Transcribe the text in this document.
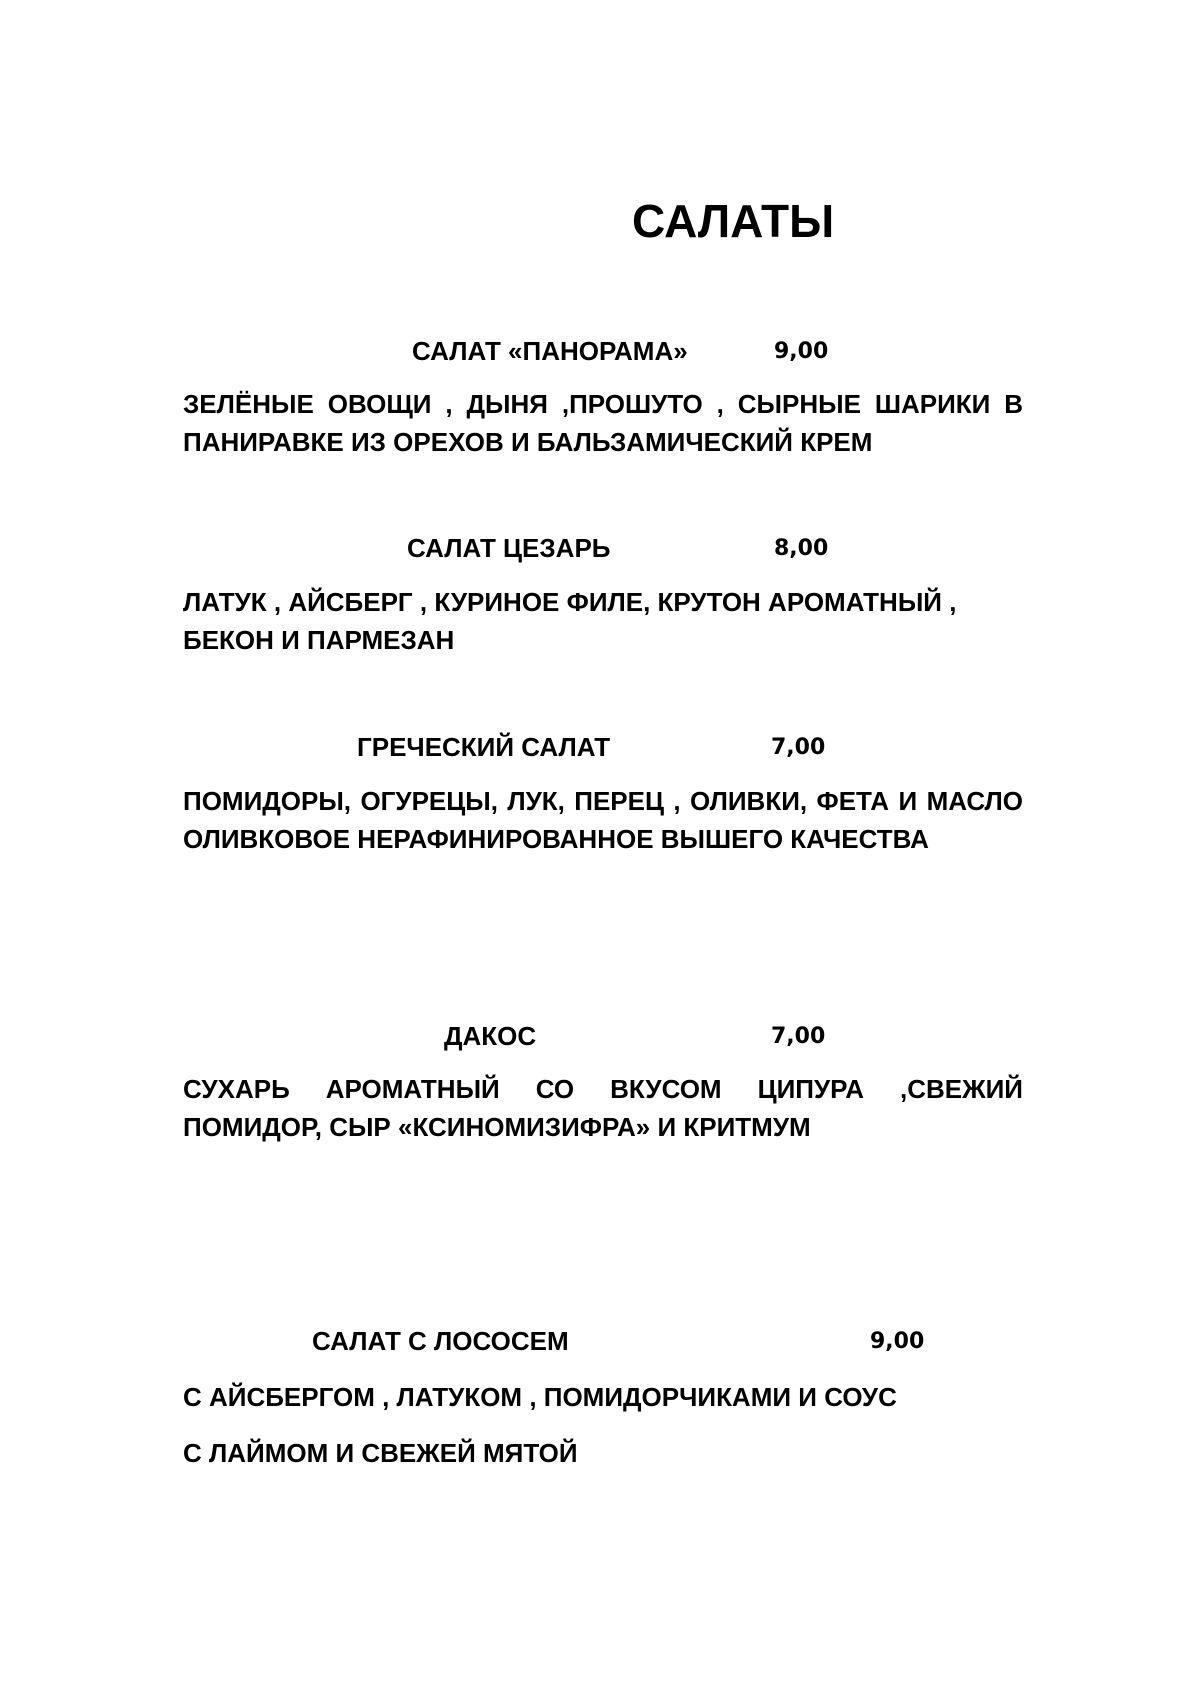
САЛАТЫ
САЛАТ «ПАНОРАМА»	9,00

ЗЕЛЁНЫЕ ОВОЩИ , ДЫНЯ ,ПРОШУТО , СЫРНЫЕ ШАРИКИ В ПАНИРАВКЕ ИЗ ОРЕХОВ И БАЛЬЗАМИЧЕСКИЙ КРЕМ

САЛАТ ЦЕЗАРЬ	8,00

ЛАТУК , АЙСБЕРГ , КУРИНОЕ ФИЛЕ, КРУТОН АРОМАТНЫЙ , БЕКОН И ПАРМЕЗАН

ГРЕЧЕСКИЙ САЛАТ	7,00

ПОМИДОРЫ, ОГУРЕЦЫ, ЛУК, ПЕРЕЦ , ОЛИВКИ, ФЕТА И МАСЛО ОЛИВКОВОЕ НЕРАФИНИРОВАННОЕ ВЫШЕГО КАЧЕСТВА

ДАКОС	7,00

СУХАРЬ АРОМАТНЫЙ СО ВКУСОМ ЦИПУРА ,СВЕЖИЙ ПОМИДОР, СЫР «КСИНОМИЗИФРА» И КРИТМУМ

САЛАТ С ЛОСОСЕМ	9,00
С АЙСБЕРГОМ , ЛАТУКОМ , ПОМИДОРЧИКАМИ И СОУС
С ЛАЙМОМ И СВЕЖЕЙ МЯТОЙ
